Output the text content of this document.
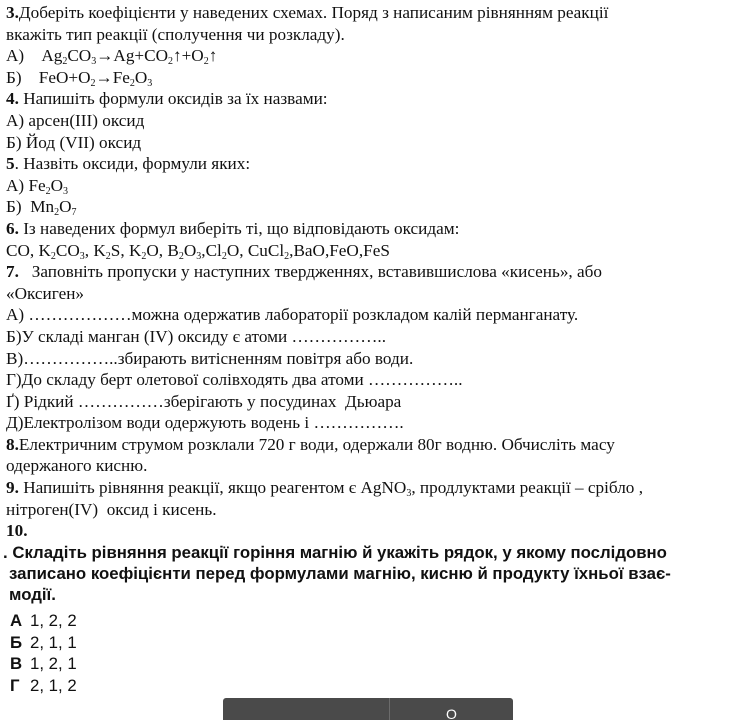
3.Доберіть коефіцієнти у наведених схемах. Поряд з написаним рівнянням реакції
вкажіть тип реакції (сполучення чи розкладу).
А) $Ag_2CO_3\to Ag+CO_2↑+O_2↑$
Б) $FeO+O_2\to Fe_2O_3$
4. Напишіть формули оксидів за їх назвами:
А) арсен(ІІІ) оксид
Б) Йод (VII) оксид
5. Назвіть оксиди, формули яких:
А) $Fe_2O_3$
Б) $Mn_2O_7$
6. Із наведених формул виберіть ті, що відповідають оксидам:
CO, $K_2CO_3$, $K_2S$, $K_2O$, $B_2O_3,Cl_2O$, CuCl$_2$,BaO,FeO,FeS
7.   Заповніть пропуски у наступних твердженнях, вставившислова «кисень», або
«Оксиген»
А) ………………можна одержатив лабораторії розкладом калій перманганату.
Б)У складі манган (IV) оксиду є атоми ……………..
В)……………..збирають витісненням повітря або води.
Г)До складу берт олетової солівходять два атоми ……………..
Ґ) Рідкий ……………зберігають у посудинах  Дьюара
Д)Електролізом води одержують водень і …………….
8.Електричним струмом розклали 720 г води, одержали 80г водню. Обчисліть масу
одержаного кисню.
9. Напишіть рівняння реакції, якщо реагентом є AgNO$_3$, продлуктами реакції – срібло ,
нітроген(IV)  оксид і кисень.
10.
. Складіть рівняння реакції горіння магнію й укажіть рядок, у якому послідовно
записано коефіцієнти перед формулами магнію, кисню й продукту їхньої взає-
модії.
А 1, 2, 2
Б 2, 1, 1
В 1, 2, 1
Г 2, 1, 2
О
